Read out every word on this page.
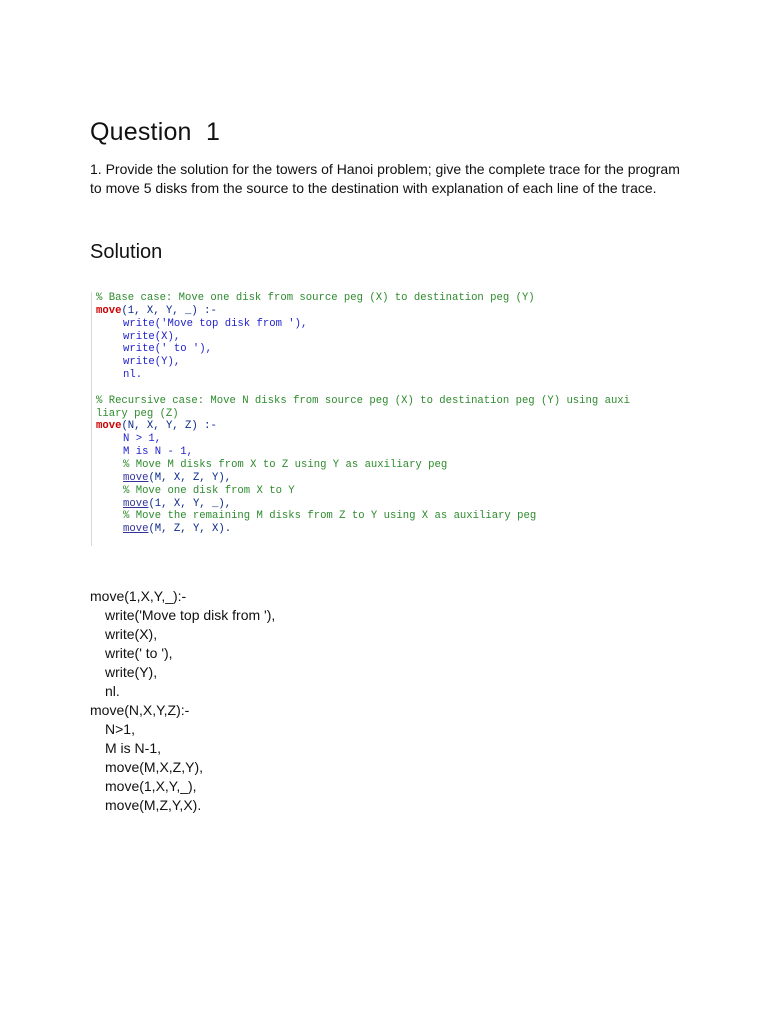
Question  1

1. Provide the solution for the towers of Hanoi problem; give the complete trace for the program to move 5 disks from the source to the destination with explanation of each line of the trace.

Solution
% Base case: Move one disk from source peg (X) to destination peg (Y)
move(1, X, Y, _) :-
write('Move top disk from '),
write(X),
write(' to '),
write(Y),
nl.
% Recursive case: Move N disks from source peg (X) to destination peg (Y) using auxi
liary peg (Z)
move(N, X, Y, Z) :-
N > 1,
M is N - 1,
% Move M disks from X to Z using Y as auxiliary peg
move(M, X, Z, Y),
% Move one disk from X to Y
move(1, X, Y, _),
% Move the remaining M disks from Z to Y using X as auxiliary peg
move(M, Z, Y, X).
move(1,X,Y,_):-
write('Move top disk from '),
write(X),
write(' to '),
write(Y),
nl.
move(N,X,Y,Z):-
N>1,
M is N-1,
move(M,X,Z,Y),
move(1,X,Y,_),
move(M,Z,Y,X).
